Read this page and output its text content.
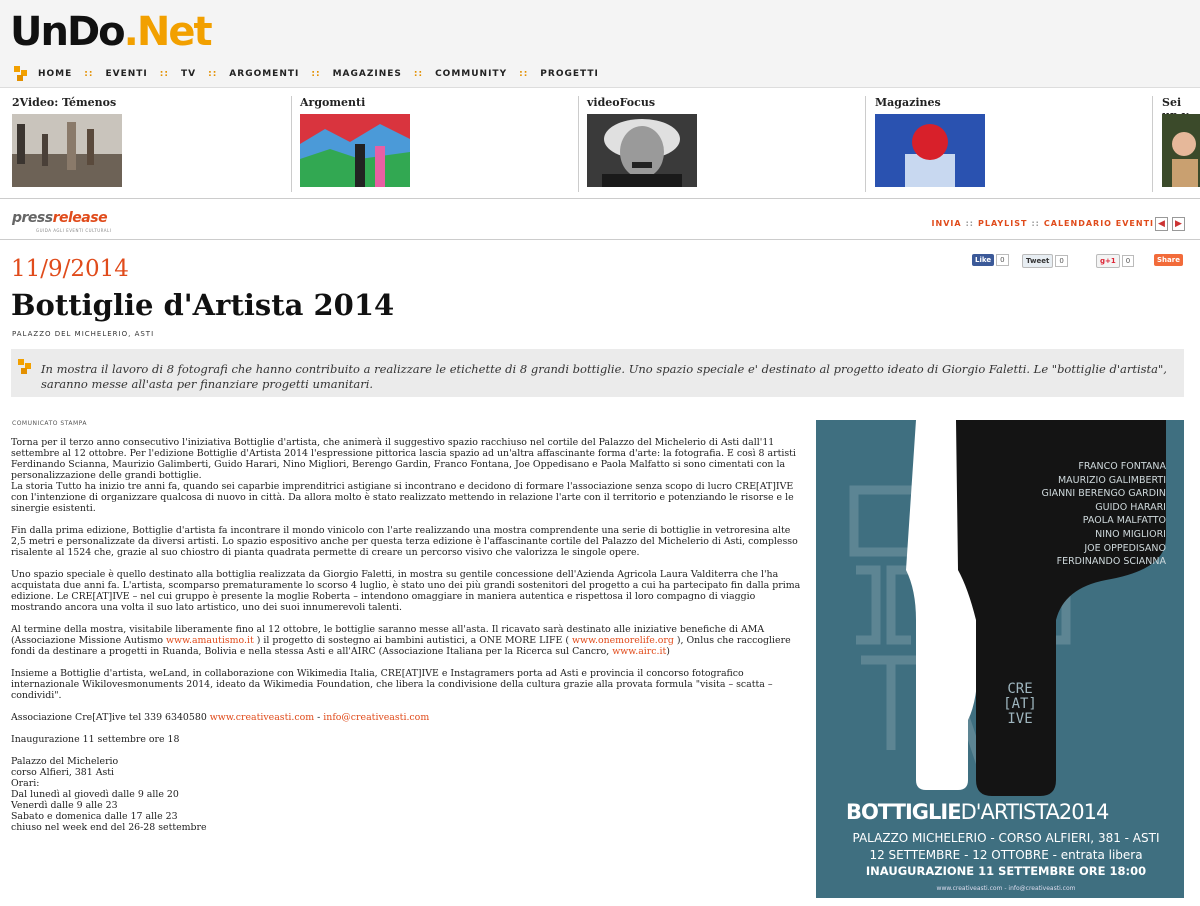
UnDo.Net
HOME :: EVENTI :: TV :: ARGOMENTI :: MAGAZINES :: COMMUNITY :: PROGETTI
2Video: Témenos	Argomenti	videoFocus	Magazines	Sei
pressrelease
GUIDA AGLI EVENTI CULTURALI
INVIA :: PLAYLIST :: CALENDARIO EVENTI ◀	▶
11/9/2014
Bottiglie d'Artista 2014
PALAZZO DEL MICHELERIO, ASTI
Like	0	Tweet	0	g+1	0	Share
In mostra il lavoro di 8 fotografi che hanno contribuito a realizzare le etichette di 8 grandi bottiglie. Uno spazio speciale e' destinato al progetto ideato di Giorgio Faletti. Le "bottiglie d'artista", saranno messe all'asta per finanziare progetti umanitari.
COMUNICATO STAMPA

Torna per il terzo anno consecutivo l'iniziativa Bottiglie d'artista, che animerà il suggestivo spazio racchiuso nel cortile del Palazzo del Michelerio di Asti dall'11 settembre al 12 ottobre. Per l'edizione Bottiglie d'Artista 2014 l'espressione pittorica lascia spazio ad un'altra affascinante forma d'arte: la fotografia. E così 8 artisti Ferdinando Scianna, Maurizio Galimberti, Guido Harari, Nino Migliori, Berengo Gardin, Franco Fontana, Joe Oppedisano e Paola Malfatto si sono cimentati con la personalizzazione delle grandi bottiglie.
La storia Tutto ha inizio tre anni fa, quando sei caparbie imprenditrici astigiane si incontrano e decidono di formare l'associazione senza scopo di lucro CRE[AT]IVE con l'intenzione di organizzare qualcosa di nuovo in città. Da allora molto è stato realizzato mettendo in relazione l'arte con il territorio e potenziando le risorse e le sinergie esistenti.

Fin dalla prima edizione, Bottiglie d'artista fa incontrare il mondo vinicolo con l'arte realizzando una mostra comprendente una serie di bottiglie in vetroresina alte 2,5 metri e personalizzate da diversi artisti. Lo spazio espositivo anche per questa terza edizione è l'affascinante cortile del Palazzo del Michelerio di Asti, complesso risalente al 1524 che, grazie al suo chiostro di pianta quadrata permette di creare un percorso visivo che valorizza le singole opere.

Uno spazio speciale è quello destinato alla bottiglia realizzata da Giorgio Faletti, in mostra su gentile concessione dell'Azienda Agricola Laura Valditerra che l'ha acquistata due anni fa. L'artista, scomparso prematuramente lo scorso 4 luglio, è stato uno dei più grandi sostenitori del progetto a cui ha partecipato fin dalla prima edizione. Le CRE[AT]IVE – nel cui gruppo è presente la moglie Roberta – intendono omaggiare in maniera autentica e rispettosa il loro compagno di viaggio mostrando ancora una volta il suo lato artistico, uno dei suoi innumerevoli talenti.

Al termine della mostra, visitabile liberamente fino al 12 ottobre, le bottiglie saranno messe all'asta. Il ricavato sarà destinato alle iniziative benefiche di AMA (Associazione Missione Autismo www.amautismo.it ) il progetto di sostegno ai bambini autistici, a ONE MORE LIFE ( www.onemorelife.org ), Onlus che raccogliere fondi da destinare a progetti in Ruanda, Bolivia e nella stessa Asti e all'AIRC (Associazione Italiana per la Ricerca sul Cancro, www.airc.it)

Insieme a Bottiglie d'artista, weLand, in collaborazione con Wikimedia Italia, CRE[AT]IVE e Instagramers porta ad Asti e provincia il concorso fotografico internazionale Wikilovesmonuments 2014, ideato da Wikimedia Foundation, che libera la condivisione della cultura grazie alla provata formula "visita – scatta – condividi".

Associazione Cre[AT]ive tel 339 6340580 www.creativeasti.com - info@creativeasti.com

Inaugurazione 11 settembre ore 18

Palazzo del Michelerio
corso Alfieri, 381 Asti
Orari:
Dal lunedì al giovedì dalle 9 alle 20
Venerdì dalle 9 alle 23
Sabato e domenica dalle 17 alle 23
chiuso nel week end del 26-28 settembre

FRANCO FONTANA
MAURIZIO GALIMBERTI
GIANNI BERENGO GARDIN
GUIDO HARARI
PAOLA MALFATTO
NINO MIGLIORI
JOE OPPEDISANO
FERDINANDO SCIANNA
CRE
[AT]
IVE
BOTTIGLIED'ARTISTA2014
PALAZZO MICHELERIO - CORSO ALFIERI, 381 - ASTI
12 SETTEMBRE - 12 OTTOBRE - entrata libera
INAUGURAZIONE 11 SETTEMBRE ORE 18:00
www.creativeasti.com - info@creativeasti.com
